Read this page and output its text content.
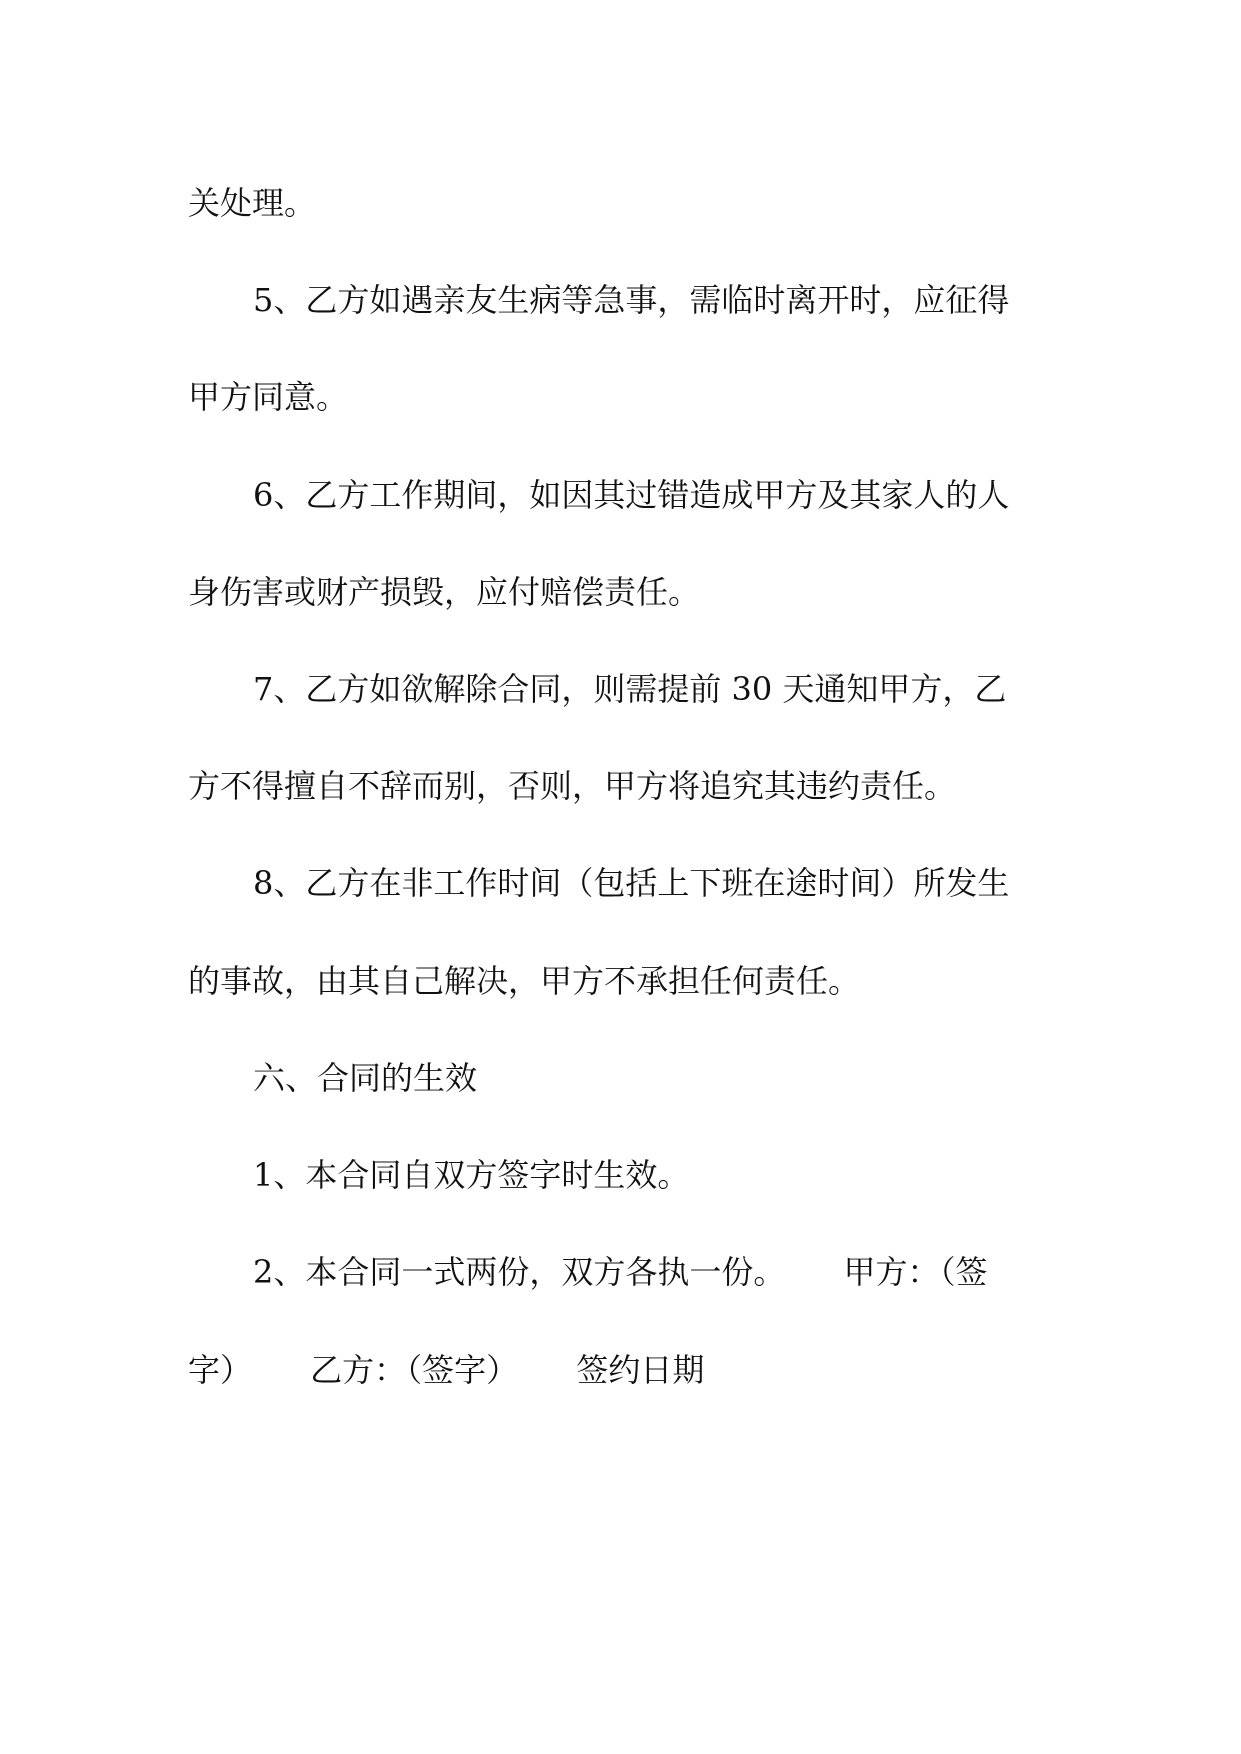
关处理。
5、乙方如遇亲友生病等急事，需临时离开时，应征得
甲方同意。
6、乙方工作期间，如因其过错造成甲方及其家人的人
身伤害或财产损毁，应付赔偿责任。
7、乙方如欲解除合同，则需提前 30 天通知甲方，乙
方不得擅自不辞而别，否则，甲方将追究其违约责任。
8、乙方在非工作时间（包括上下班在途时间）所发生
的事故，由其自己解决，甲方不承担任何责任。
六、合同的生效
1、本合同自双方签字时生效。
2、本合同一式两份，双方各执一份。　　 甲方：（签
字）　　 乙方：（签字）　　 签约日期
